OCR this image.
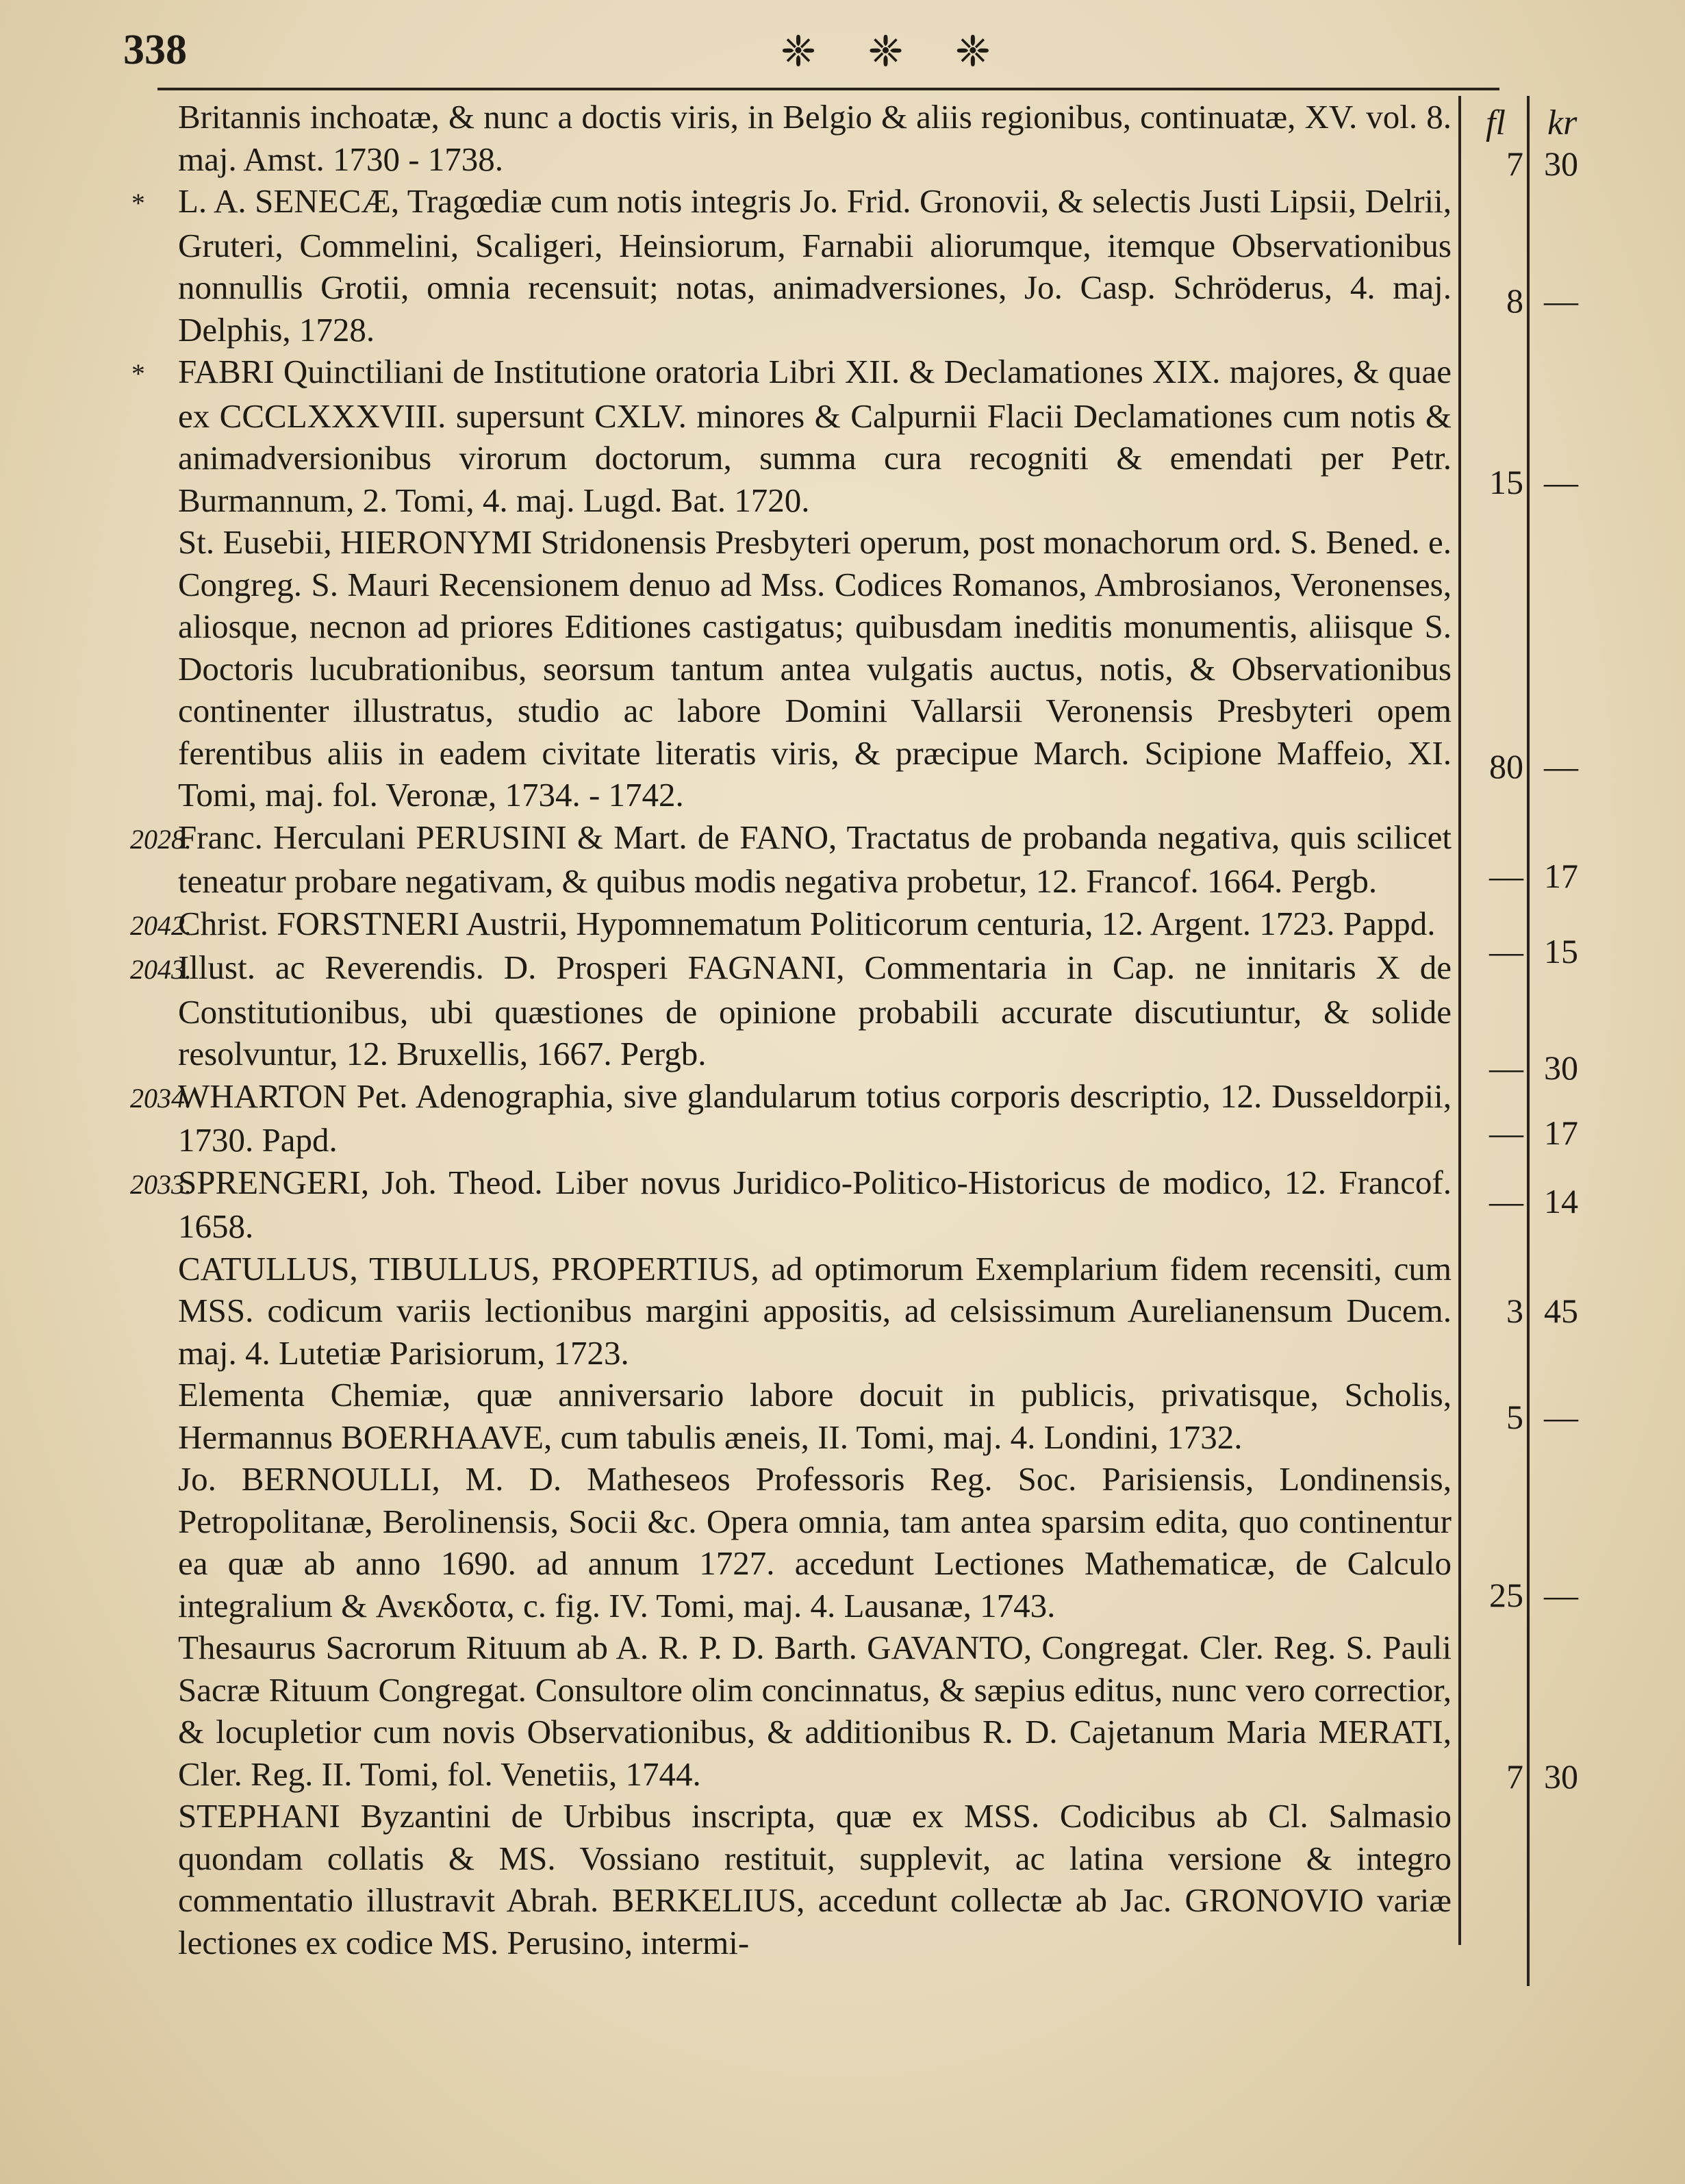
338	❈ ❈ ❈
fl kr

Britannis inchoatæ, & nunc a doctis viris, in Belgio & aliis regionibus, continuatæ, XV. vol. 8. maj. Amst. 1730 - 1738.

* L. A. SENECÆ, Tragœdiæ cum notis integris Jo. Frid. Gronovii, & selectis Justi Lipsii, Delrii, Gruteri, Commelini, Scaligeri, Heinsiorum, Farnabii aliorumque, itemque Observationibus nonnullis Grotii, omnia recensuit; notas, animadversiones, Jo. Casp. Schröderus, 4. maj. Delphis, 1728.

* FABRI Quinctiliani de Institutione oratoria Libri XII. & Declamationes XIX. majores, & quae ex CCCLXXXVIII. supersunt CXLV. minores & Calpurnii Flacii Declamationes cum notis & animadversionibus virorum doctorum, summa cura recogniti & emendati per Petr. Burmannum, 2. Tomi, 4. maj. Lugd. Bat. 1720.

St. Eusebii, HIERONYMI Stridonensis Presbyteri operum, post monachorum ord. S. Bened. e. Congreg. S. Mauri Recensionem denuo ad Mss. Codices Romanos, Ambrosianos, Veronenses, aliosque, necnon ad priores Editiones castigatus; quibusdam ineditis monumentis, aliisque S. Doctoris lucubrationibus, seorsum tantum antea vulgatis auctus, notis, & Observationibus continenter illustratus, studio ac labore Domini Vallarsii Veronensis Presbyteri opem ferentibus aliis in eadem civitate literatis viris, & præcipue March. Scipione Maffeio, XI. Tomi, maj. fol. Veronæ, 1734. - 1742.

2028.Franc. Herculani PERUSINI & Mart. de FANO, Tractatus de probanda negativa, quis scilicet teneatur probare negativam, & quibus modis negativa probetur, 12. Francof. 1664. Pergb.

2042.Christ. FORSTNERI Austrii, Hypomnematum Politicorum centuria, 12. Argent. 1723. Pappd.

2043.Illust. ac Reverendis. D. Prosperi FAGNANI, Commentaria in Cap. ne innitaris X de Constitutionibus, ubi quæstiones de opinione probabili accurate discutiuntur, & solide resolvuntur, 12. Bruxellis, 1667. Pergb.

2034.WHARTON Pet. Adenographia, sive glandularum totius corporis descriptio, 12. Dusseldorpii, 1730. Papd.

2033.SPRENGERI, Joh. Theod. Liber novus Juridico-Politico-Historicus de modico, 12. Francof. 1658.

CATULLUS, TIBULLUS, PROPERTIUS, ad optimorum Exemplarium fidem recensiti, cum MSS. codicum variis lectionibus margini appositis, ad celsissimum Aurelianensum Ducem. maj. 4. Lutetiæ Parisiorum, 1723.

Elementa Chemiæ, quæ anniversario labore docuit in publicis, privatisque, Scholis, Hermannus BOERHAAVE, cum tabulis æneis, II. Tomi, maj. 4. Londini, 1732.

Jo. BERNOULLI, M. D. Matheseos Professoris Reg. Soc. Parisiensis, Londinensis, Petropolitanæ, Berolinensis, Socii &c. Opera omnia, tam antea sparsim edita, quo continentur ea quæ ab anno 1690. ad annum 1727. accedunt Lectiones Mathematicæ, de Calculo integralium & Ανεκδοτα, c. fig. IV. Tomi, maj. 4. Lausanæ, 1743.

Thesaurus Sacrorum Rituum ab A. R. P. D. Barth. GAVANTO, Congregat. Cler. Reg. S. Pauli Sacræ Rituum Congregat. Consultore olim concinnatus, & sæpius editus, nunc vero correctior, & locupletior cum novis Observationibus, & additionibus R. D. Cajetanum Maria MERATI, Cler. Reg. II. Tomi, fol. Venetiis, 1744.

STEPHANI Byzantini de Urbibus inscripta, quæ ex MSS. Codicibus ab Cl. Salmasio quondam collatis & MS. Vossiano restituit, supplevit, ac latina versione & integro commentatio illustravit Abrah. BERKELIUS, accedunt collectæ ab Jac. GRONOVIO variæ lectiones ex codice MS. Perusino, intermi-

7 30
8 —
15 —
80 —
— 17
— 15
— 30
— 17
— 14
3 45
5 —
25 —
7 30
